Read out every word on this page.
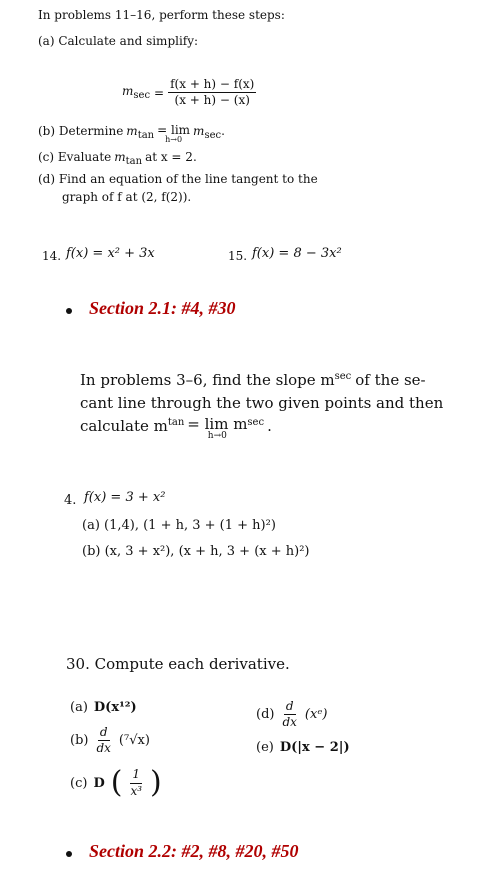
In problems 11–16, perform these steps:
(a) Calculate and simplify:
$m_{sec} = \frac{f(x + h) - f(x)}{(x + h) - (x)}$
(b) Determine $m_{tan} = \lim$
h→0
$m_{sec}$.
(c) Evaluate $m_{tan}$ at x = 2.
(d) Find an equation of the line tangent to the
graph of f at (2, f(2)).
14. f(x) = x² + 3x	15. f(x) = 8 − 3x²
Section 2.1: #4, #30
In problems 3–6, find the slope m sec of the se-
cant line through the two given points and then
calculate m tan = lim m
h→0
sec .
4. f(x) = 3 + x²
(a) (1,4), (1 + h, 3 + (1 + h)²)
(b) (x, 3 + x²), (x + h, 3 + (x + h)²)
30. Compute each derivative.
(a) D(x¹²)
$(b) \frac{d}{dx} (^7√x)$
(c) D ( $\frac{1}{\text{x³}}$ )
$(d) \frac{d}{dx}$ (xᵉ)
(e) D(|x − 2|)
Section 2.2: #2, #8, #20, #50
